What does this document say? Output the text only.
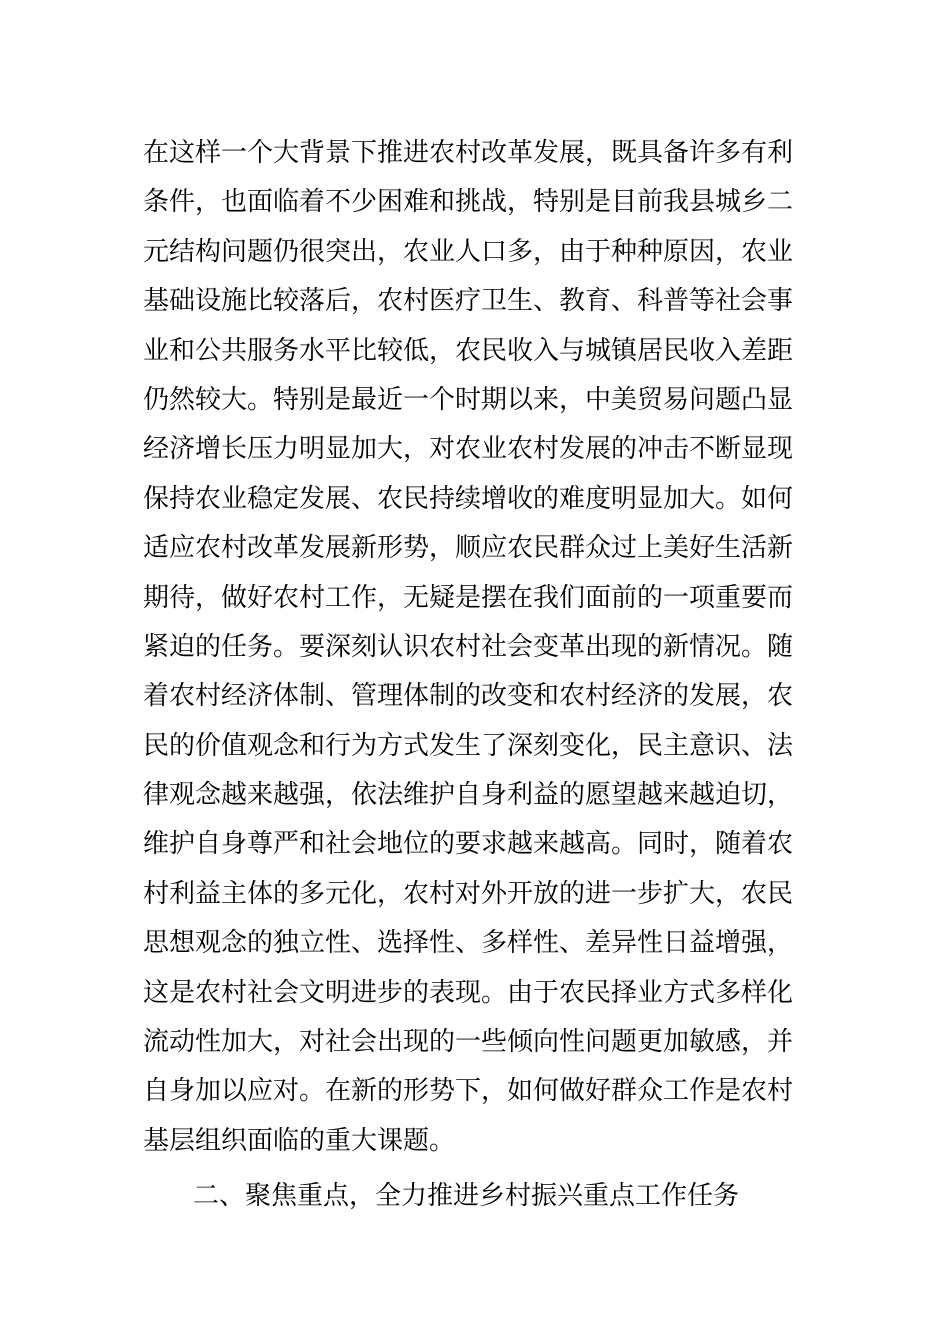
在这样一个大背景下推进农村改革发展，既具备许多有利
条件，也面临着不少困难和挑战，特别是目前我县城乡二
元结构问题仍很突出，农业人口多，由于种种原因，农业
基础设施比较落后，农村医疗卫生、教育、科普等社会事
业和公共服务水平比较低，农民收入与城镇居民收入差距
仍然较大。特别是最近一个时期以来，中美贸易问题凸显
经济增长压力明显加大，对农业农村发展的冲击不断显现
保持农业稳定发展、农民持续增收的难度明显加大。如何
适应农村改革发展新形势，顺应农民群众过上美好生活新
期待，做好农村工作，无疑是摆在我们面前的一项重要而
紧迫的任务。要深刻认识农村社会变革出现的新情况。随
着农村经济体制、管理体制的改变和农村经济的发展，农
民的价值观念和行为方式发生了深刻变化，民主意识、法
律观念越来越强，依法维护自身利益的愿望越来越迫切，
维护自身尊严和社会地位的要求越来越高。同时，随着农
村利益主体的多元化，农村对外开放的进一步扩大，农民
思想观念的独立性、选择性、多样性、差异性日益增强，
这是农村社会文明进步的表现。由于农民择业方式多样化
流动性加大，对社会出现的一些倾向性问题更加敏感，并
自身加以应对。在新的形势下，如何做好群众工作是农村
基层组织面临的重大课题。
二、聚焦重点，全力推进乡村振兴重点工作任务
